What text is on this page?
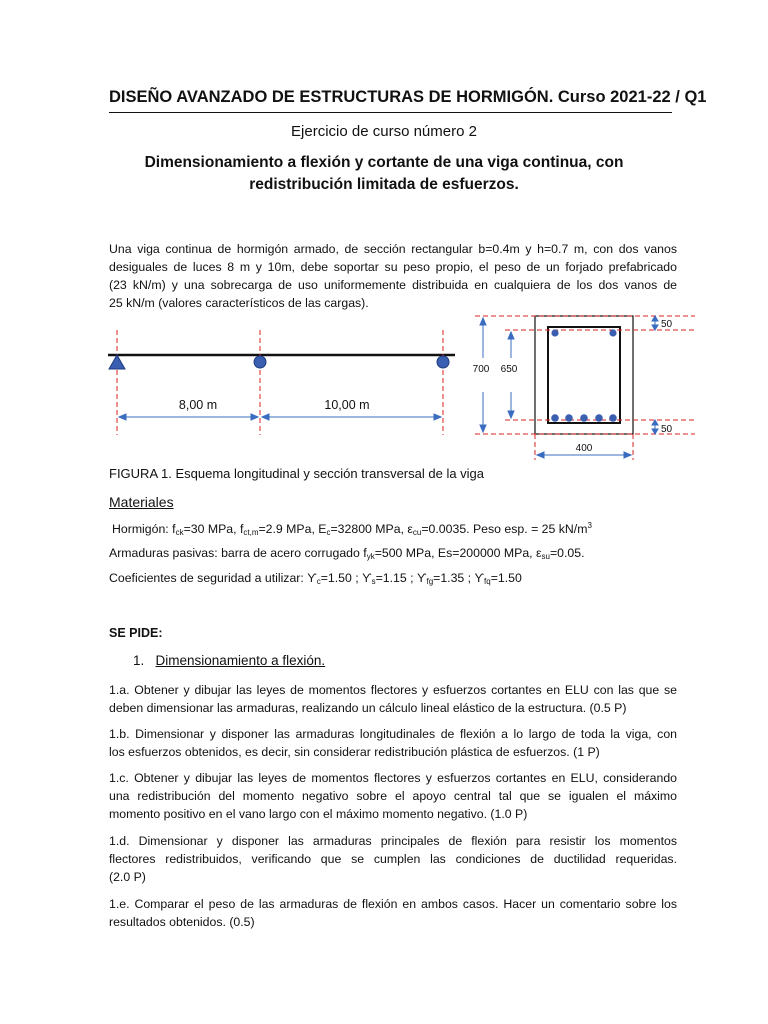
DISEÑO AVANZADO DE ESTRUCTURAS DE HORMIGÓN. Curso 2021-22 / Q1
Ejercicio de curso número 2
Dimensionamiento a flexión y cortante de una viga continua, con
redistribución limitada de esfuerzos.
Una viga continua de hormigón armado, de sección rectangular b=0.4m y h=0.7 m, con dos vanos
desiguales de luces 8 m y 10m, debe soportar su peso propio, el peso de un forjado prefabricado
(23 kN/m) y una sobrecarga de uso uniformemente distribuida en cualquiera de los dos vanos de
25 kN/m (valores característicos de las cargas).
8,00 m	10,00 m
700 650
50
50
400
FIGURA 1. Esquema longitudinal y sección transversal de la viga
Materiales
Hormigón: $f_{ck}=30$ MPa, $f_{ct,m}=2.9$ MPa, $E_c=32800$ MPa, $\varepsilon_{cu}=0.0035$. Peso esp. = 25 $kN/m^3$
Armaduras pasivas: barra de acero corrugado $f_{yk}=500$ MPa, Es=200000 MPa, $\varepsilon_{su}=0.05$.
Coeficientes de seguridad a utilizar: $ϒ_c=1.50$ ; $ϒ_s=1.15$ ; $ϒ_{fg}=1.35$ ; $ϒ_{fq}=1.50$
SE PIDE:
1. Dimensionamiento a flexión.
1.a. Obtener y dibujar las leyes de momentos flectores y esfuerzos cortantes en ELU con las que se
deben dimensionar las armaduras, realizando un cálculo lineal elástico de la estructura. (0.5 P)
1.b. Dimensionar y disponer las armaduras longitudinales de flexión a lo largo de toda la viga, con
los esfuerzos obtenidos, es decir, sin considerar redistribución plástica de esfuerzos. (1 P)
1.c. Obtener y dibujar las leyes de momentos flectores y esfuerzos cortantes en ELU, considerando
una redistribución del momento negativo sobre el apoyo central tal que se igualen el máximo
momento positivo en el vano largo con el máximo momento negativo. (1.0 P)
1.d. Dimensionar y disponer las armaduras principales de flexión para resistir los momentos
flectores redistribuidos, verificando que se cumplen las condiciones de ductilidad requeridas.
(2.0 P)
1.e. Comparar el peso de las armaduras de flexión en ambos casos. Hacer un comentario sobre los
resultados obtenidos. (0.5)
